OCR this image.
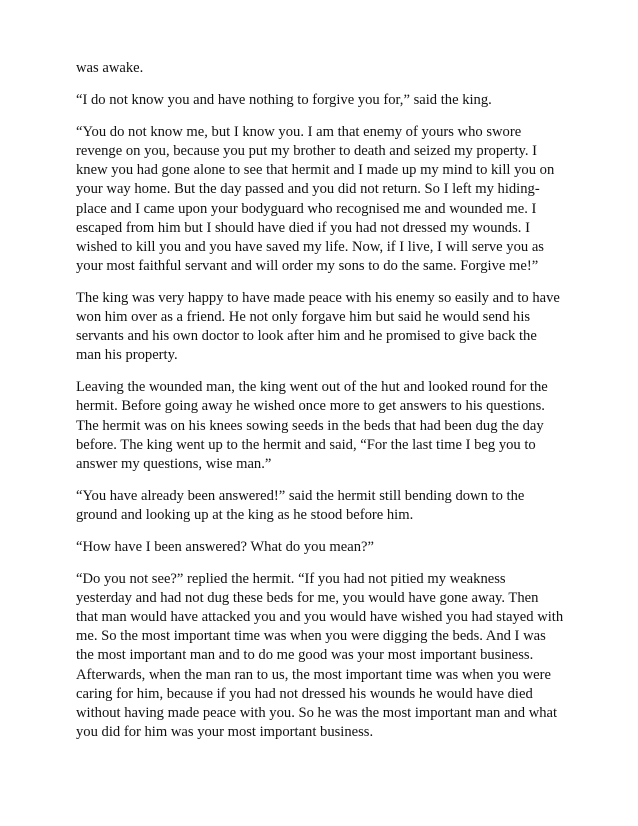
was awake.

“I do not know you and have nothing to forgive you for,” said the king.

“You do not know me, but I know you. I am that enemy of yours who swore
revenge on you, because you put my brother to death and seized my property. I
knew you had gone alone to see that hermit and I made up my mind to kill you on
your way home. But the day passed and you did not return. So I left my hiding-
place and I came upon your bodyguard who recognised me and wounded me. I
escaped from him but I should have died if you had not dressed my wounds. I
wished to kill you and you have saved my life. Now, if I live, I will serve you as
your most faithful servant and will order my sons to do the same. Forgive me!”

The king was very happy to have made peace with his enemy so easily and to have
won him over as a friend. He not only forgave him but said he would send his
servants and his own doctor to look after him and he promised to give back the
man his property.

Leaving the wounded man, the king went out of the hut and looked round for the
hermit. Before going away he wished once more to get answers to his questions.
The hermit was on his knees sowing seeds in the beds that had been dug the day
before. The king went up to the hermit and said, “For the last time I beg you to
answer my questions, wise man.”

“You have already been answered!” said the hermit still bending down to the
ground and looking up at the king as he stood before him.

“How have I been answered? What do you mean?”

“Do you not see?” replied the hermit. “If you had not pitied my weakness
yesterday and had not dug these beds for me, you would have gone away. Then
that man would have attacked you and you would have wished you had stayed with
me. So the most important time was when you were digging the beds. And I was
the most important man and to do me good was your most important business.
Afterwards, when the man ran to us, the most important time was when you were
caring for him, because if you had not dressed his wounds he would have died
without having made peace with you. So he was the most important man and what
you did for him was your most important business.
